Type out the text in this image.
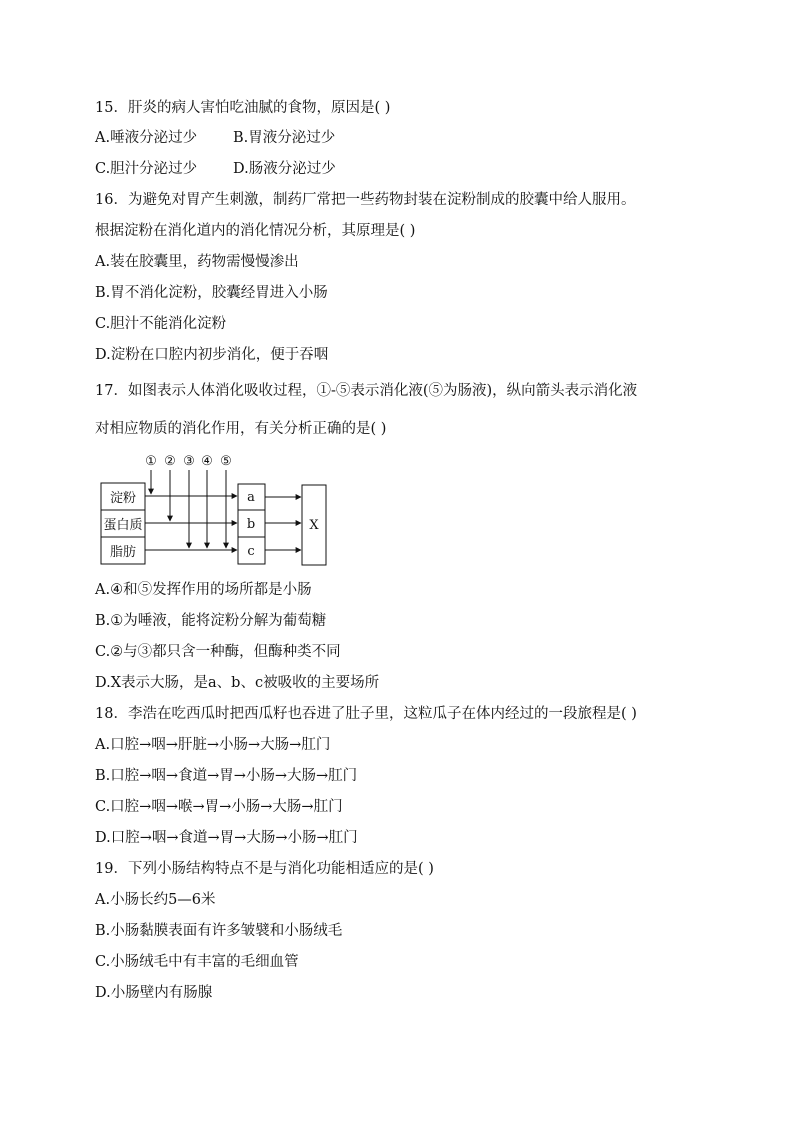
15．肝炎的病人害怕吃油腻的食物，原因是( )
A.唾液分泌过少 B.胃液分泌过少
C.胆汁分泌过少 D.肠液分泌过少
16．为避免对胃产生刺激，制药厂常把一些药物封装在淀粉制成的胶囊中给人服用。
根据淀粉在消化道内的消化情况分析，其原理是( )
A.装在胶囊里，药物需慢慢渗出
B.胃不消化淀粉，胶囊经胃进入小肠
C.胆汁不能消化淀粉
D.淀粉在口腔内初步消化，便于吞咽
17．如图表示人体消化吸收过程，①-⑤表示消化液(⑤为肠液)，纵向箭头表示消化液
对相应物质的消化作用，有关分析正确的是( )
① ② ③ ④ ⑤
淀粉
蛋白质
脂肪
a
b
c
X
A.④和⑤发挥作用的场所都是小肠
B.①为唾液，能将淀粉分解为葡萄糖
C.②与③都只含一种酶，但酶种类不同
D.X表示大肠，是a、b、c被吸收的主要场所
18．李浩在吃西瓜时把西瓜籽也吞进了肚子里，这粒瓜子在体内经过的一段旅程是( )
A.口腔→咽→肝脏→小肠→大肠→肛门
B.口腔→咽→食道→胃→小肠→大肠→肛门
C.口腔→咽→喉→胃→小肠→大肠→肛门
D.口腔→咽→食道→胃→大肠→小肠→肛门
19．下列小肠结构特点不是与消化功能相适应的是( )
A.小肠长约5—6米
B.小肠黏膜表面有许多皱襞和小肠绒毛
C.小肠绒毛中有丰富的毛细血管
D.小肠壁内有肠腺
